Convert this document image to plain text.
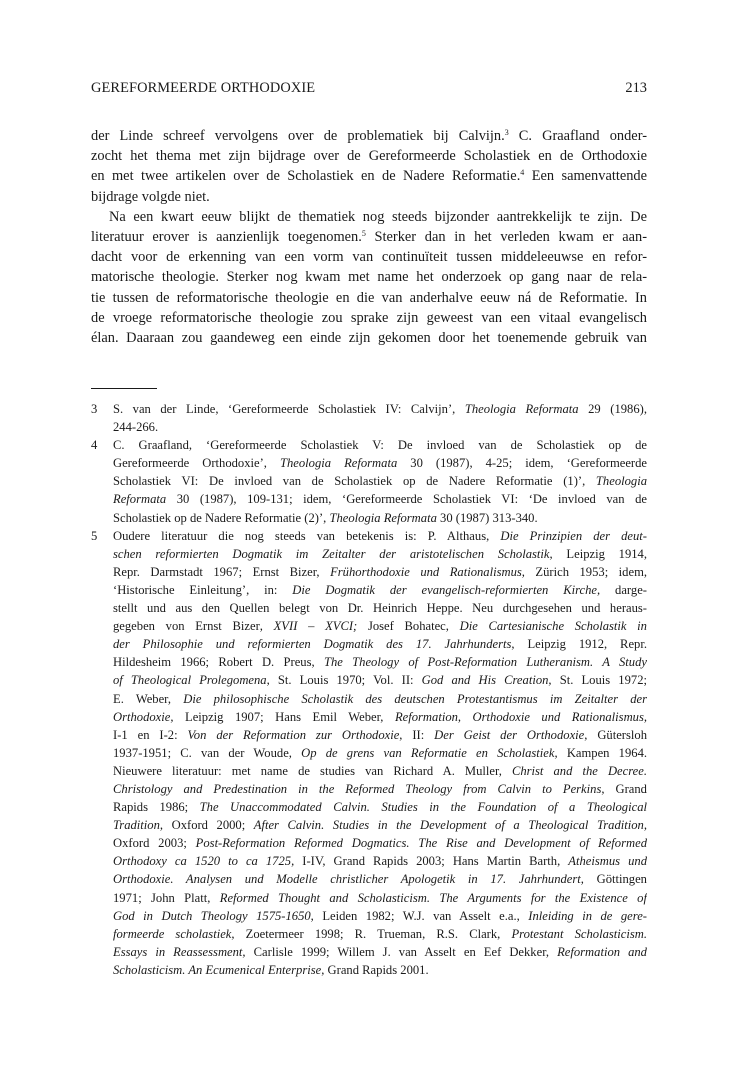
GEREFORMEERDE ORTHODOXIE	213
der Linde schreef vervolgens over de problematiek bij Calvijn.$^3$ C. Graafland onder-
zocht het thema met zijn bijdrage over de Gereformeerde Scholastiek en de Orthodoxie
en met twee artikelen over de Scholastiek en de Nadere Reformatie.$^4$ Een samenvattende
bijdrage volgde niet.
Na een kwart eeuw blijkt de thematiek nog steeds bijzonder aantrekkelijk te zijn. De
literatuur erover is aanzienlijk toegenomen.$^5$ Sterker dan in het verleden kwam er aan-
dacht voor de erkenning van een vorm van continuïteit tussen middeleeuwse en refor-
matorische theologie. Sterker nog kwam met name het onderzoek op gang naar de rela-
tie tussen de reformatorische theologie en die van anderhalve eeuw ná de Reformatie. In
de vroege reformatorische theologie zou sprake zijn geweest van een vitaal evangelisch
élan. Daaraan zou gaandeweg een einde zijn gekomen door het toenemende gebruik van
3 S. van der Linde, ‘Gereformeerde Scholastiek IV: Calvijn’, Theologia Reformata 29 (1986),
244-266.
4 C. Graafland, ‘Gereformeerde Scholastiek V: De invloed van de Scholastiek op de
Gereformeerde Orthodoxie’, Theologia Reformata 30 (1987), 4-25; idem, ‘Gereformeerde
Scholastiek VI: De invloed van de Scholastiek op de Nadere Reformatie (1)’, Theologia
Reformata 30 (1987), 109-131; idem, ‘Gereformeerde Scholastiek VI: ‘De invloed van de
Scholastiek op de Nadere Reformatie (2)’, Theologia Reformata 30 (1987) 313-340.
5 Oudere literatuur die nog steeds van betekenis is: P. Althaus, Die Prinzipien der deut-
schen reformierten Dogmatik im Zeitalter der aristotelischen Scholastik, Leipzig 1914,
Repr. Darmstadt 1967; Ernst Bizer, Frühorthodoxie und Rationalismus, Zürich 1953; idem,
‘Historische Einleitung’, in: Die Dogmatik der evangelisch-reformierten Kirche, darge-
stellt und aus den Quellen belegt von Dr. Heinrich Heppe. Neu durchgesehen und heraus-
gegeben von Ernst Bizer, XVII – XVCI; Josef Bohatec, Die Cartesianische Scholastik in
der Philosophie und reformierten Dogmatik des 17. Jahrhunderts, Leipzig 1912, Repr.
Hildesheim 1966; Robert D. Preus, The Theology of Post-Reformation Lutheranism. A Study
of Theological Prolegomena, St. Louis 1970; Vol. II: God and His Creation, St. Louis 1972;
E. Weber, Die philosophische Scholastik des deutschen Protestantismus im Zeitalter der
Orthodoxie, Leipzig 1907; Hans Emil Weber, Reformation, Orthodoxie und Rationalismus,
I-1 en I-2: Von der Reformation zur Orthodoxie, II: Der Geist der Orthodoxie, Gütersloh
1937-1951; C. van der Woude, Op de grens van Reformatie en Scholastiek, Kampen 1964.
Nieuwere literatuur: met name de studies van Richard A. Muller, Christ and the Decree.
Christology and Predestination in the Reformed Theology from Calvin to Perkins, Grand
Rapids 1986; The Unaccommodated Calvin. Studies in the Foundation of a Theological
Tradition, Oxford 2000; After Calvin. Studies in the Development of a Theological Tradition,
Oxford 2003; Post-Reformation Reformed Dogmatics. The Rise and Development of Reformed
Orthodoxy ca 1520 to ca 1725, I-IV, Grand Rapids 2003; Hans Martin Barth, Atheismus und
Orthodoxie. Analysen und Modelle christlicher Apologetik in 17. Jahrhundert, Göttingen
1971; John Platt, Reformed Thought and Scholasticism. The Arguments for the Existence of
God in Dutch Theology 1575-1650, Leiden 1982; W.J. van Asselt e.a., Inleiding in de gere-
formeerde scholastiek, Zoetermeer 1998; R. Trueman, R.S. Clark, Protestant Scholasticism.
Essays in Reassessment, Carlisle 1999; Willem J. van Asselt en Eef Dekker, Reformation and
Scholasticism. An Ecumenical Enterprise, Grand Rapids 2001.
